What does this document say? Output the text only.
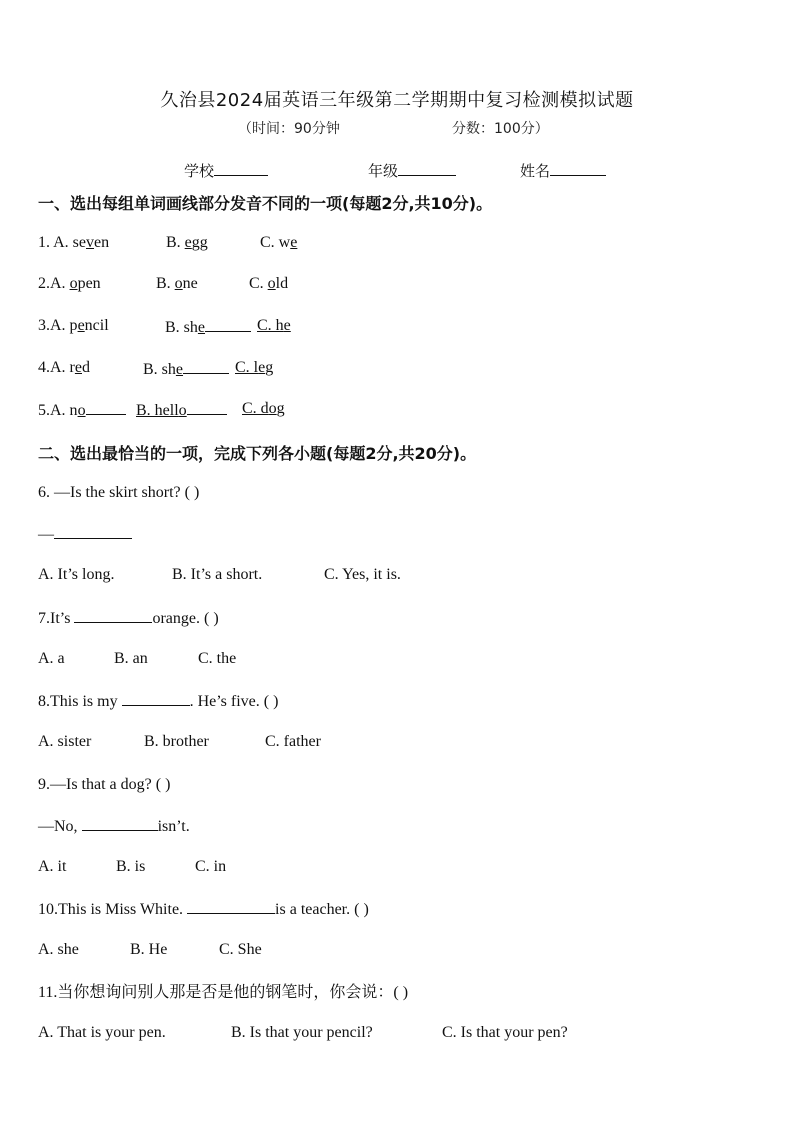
久治县2024届英语三年级第二学期期中复习检测模拟试题
（时间：90分钟	分数：100分）
学校	年级	姓名
一、选出每组单词画线部分发音不同的一项(每题2分,共10分)。
1. A. seven	B. egg	C. we
2.A. open	B. one	C. old
3.A. pencil	B. she	C. he
4.A. red	B. she	C. leg
5.A. no	B. hello	C. dog
二、选出最恰当的一项，完成下列各小题(每题2分,共20分)。
6. —Is the skirt short? ( )
—
A. It’s long.	B. It’s a short.	C. Yes, it is.
7.It’s	orange. ( )
A. a	B. an	C. the
8.This is my	. He’s five. ( )
A. sister	B. brother	C. father
9.—Is that a dog? ( )
—No,	isn’t.
A. it	B. is	C. in
10.This is Miss White.	is a teacher. ( )
A. she	B. He	C. She
11.当你想询问别人那是否是他的钢笔时，你会说：( )
A. That is your pen.	B. Is that your pencil?	C. Is that your pen?
